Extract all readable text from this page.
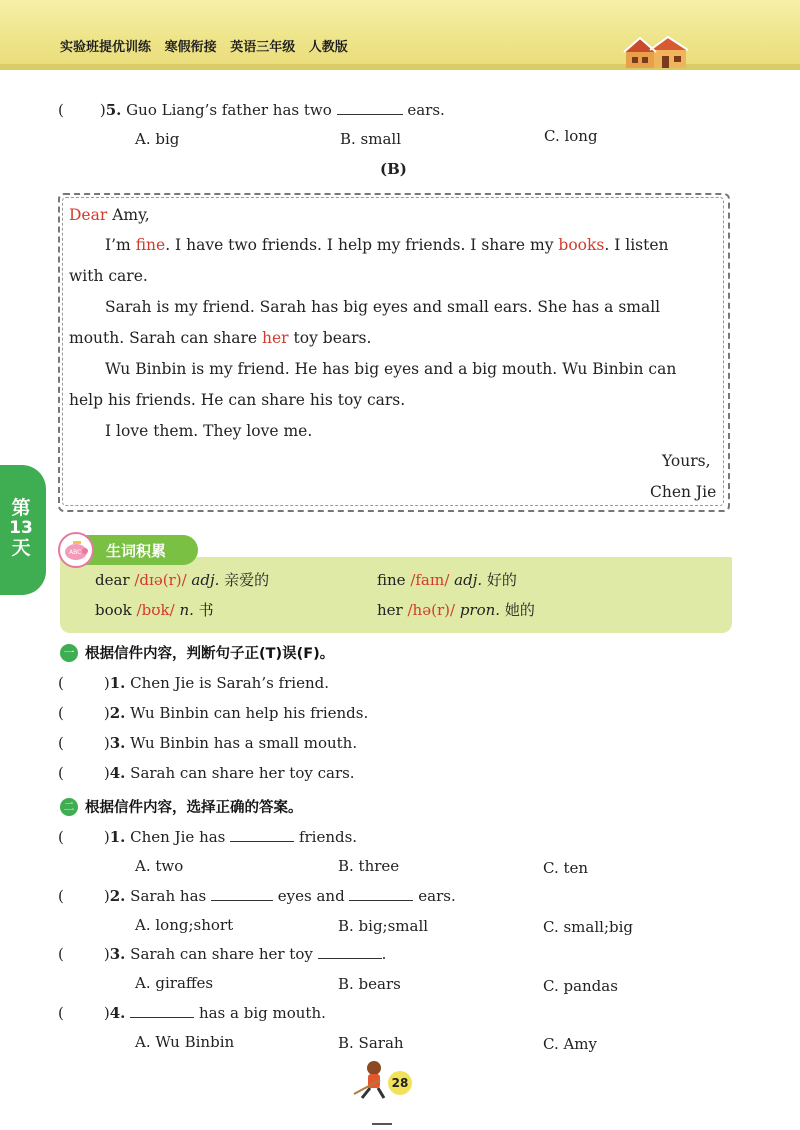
实验班提优训练 寒假衔接 英语三年级 人教版
第
13
天
( )5. Guo Liang’s father has two	ears.
A. big	B. small	C. long
(B)
Dear Amy,
I’m fine. I have two friends. I help my friends. I share my books. I listen
with care.
Sarah is my friend. Sarah has big eyes and small ears. She has a small
mouth. Sarah can share her toy bears.
Wu Binbin is my friend. He has big eyes and a big mouth. Wu Binbin can
help his friends. He can share his toy cars.
I love them. They love me.
Yours,
Chen Jie
ABC 生词积累
dear /dɪə(r)/ adj. 亲爱的	fine /faɪn/ adj. 好的
book /bʊk/ n. 书	her /hə(r)/ pron. 她的
一 根据信件内容，判断句子正(T)误(F)。
(	)1. Chen Jie is Sarah’s friend.
(	)2. Wu Binbin can help his friends.
(	)3. Wu Binbin has a small mouth.
(	)4. Sarah can share her toy cars.
二 根据信件内容，选择正确的答案。
(	)1. Chen Jie has	friends.
A. two	B. three	C. ten
(	)2. Sarah has	eyes and	ears.
A. long;short	B. big;small	C. small;big
(	)3. Sarah can share her toy	.
A. giraffes	B. bears	C. pandas
(	)4.	has a big mouth.
A. Wu Binbin	B. Sarah	C. Amy
28
